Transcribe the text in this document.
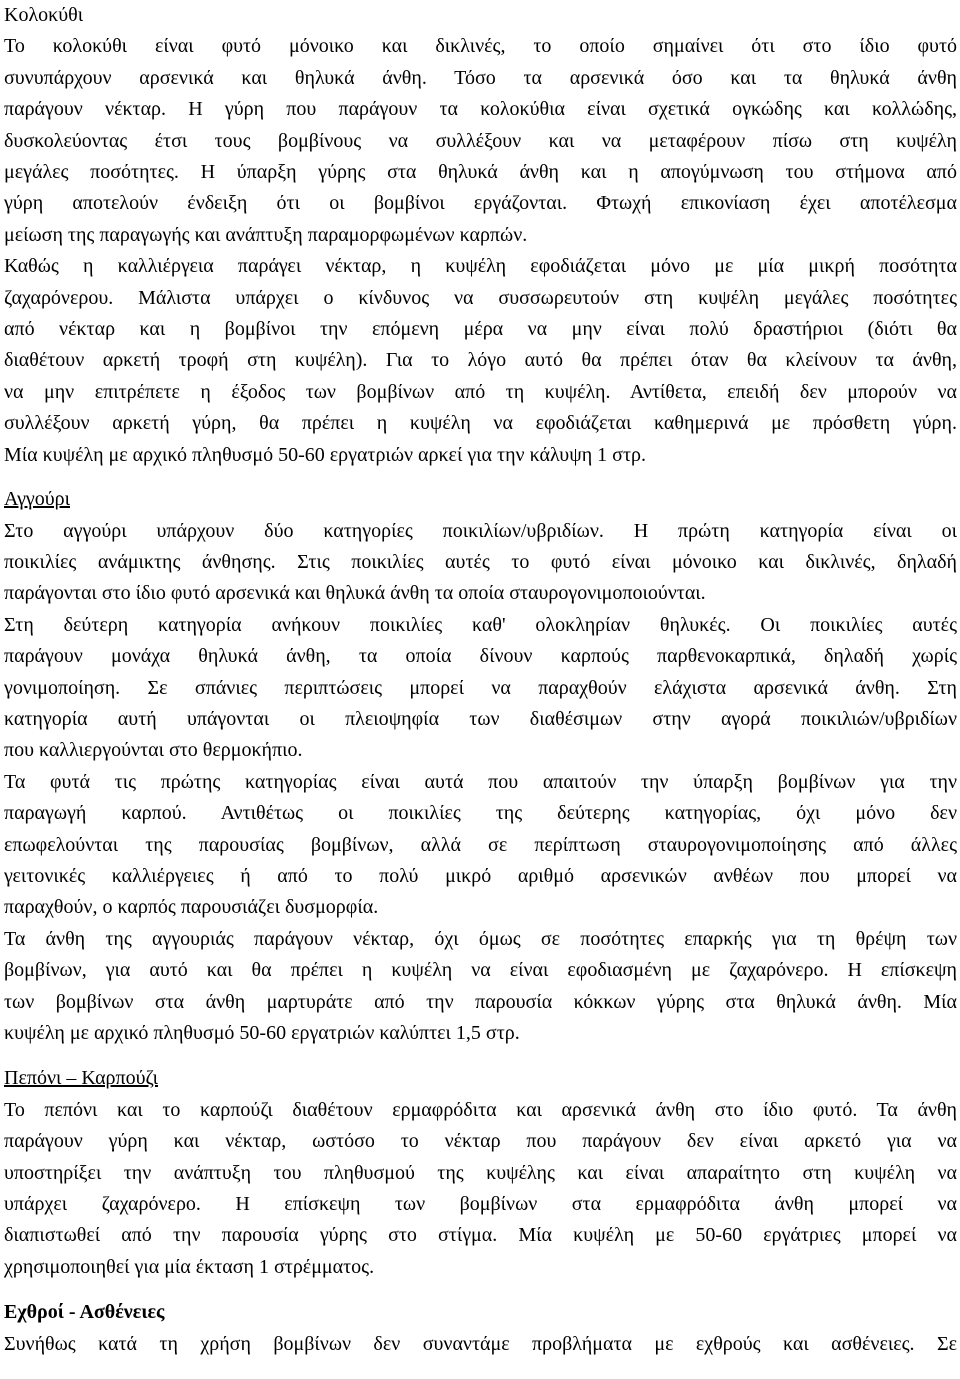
Κολοκύθι
Το κολοκύθι είναι φυτό μόνοικο και δικλινές, το οποίο σημαίνει ότι στο ίδιο φυτό
συνυπάρχουν αρσενικά και θηλυκά άνθη. Τόσο τα αρσενικά όσο και τα θηλυκά άνθη
παράγουν νέκταρ. Η γύρη που παράγουν τα κολοκύθια είναι σχετικά ογκώδης και κολλώδης,
δυσκολεύοντας έτσι τους βομβίνους να συλλέξουν και να μεταφέρουν πίσω στη κυψέλη
μεγάλες ποσότητες. Η ύπαρξη γύρης στα θηλυκά άνθη και η απογύμνωση του στήμονα από
γύρη αποτελούν ένδειξη ότι οι βομβίνοι εργάζονται. Φτωχή επικονίαση έχει αποτέλεσμα
μείωση της παραγωγής και ανάπτυξη παραμορφωμένων καρπών.
Καθώς η καλλιέργεια παράγει νέκταρ, η κυψέλη εφοδιάζεται μόνο με μία μικρή ποσότητα
ζαχαρόνερου. Μάλιστα υπάρχει ο κίνδυνος να συσσωρευτούν στη κυψέλη μεγάλες ποσότητες
από νέκταρ και η βομβίνοι την επόμενη μέρα να μην είναι πολύ δραστήριοι (διότι θα
διαθέτουν αρκετή τροφή στη κυψέλη). Για το λόγο αυτό θα πρέπει όταν θα κλείνουν τα άνθη,
να μην επιτρέπετε η έξοδος των βομβίνων από τη κυψέλη. Αντίθετα, επειδή δεν μπορούν να
συλλέξουν αρκετή γύρη, θα πρέπει η κυψέλη να εφοδιάζεται καθημερινά με πρόσθετη γύρη.
Μία κυψέλη με αρχικό πληθυσμό 50-60 εργατριών αρκεί για την κάλυψη 1 στρ.
Αγγούρι
Στο αγγούρι υπάρχουν δύο κατηγορίες ποικιλίων/υβριδίων. Η πρώτη κατηγορία είναι οι
ποικιλίες ανάμικτης άνθησης. Στις ποικιλίες αυτές το φυτό είναι μόνοικο και δικλινές, δηλαδή
παράγονται στο ίδιο φυτό αρσενικά και θηλυκά άνθη τα οποία σταυρογονιμοποιούνται.
Στη δεύτερη κατηγορία ανήκουν ποικιλίες καθ' ολοκληρίαν θηλυκές. Οι ποικιλίες αυτές
παράγουν μονάχα θηλυκά άνθη, τα οποία δίνουν καρπούς παρθενοκαρπικά, δηλαδή χωρίς
γονιμοποίηση. Σε σπάνιες περιπτώσεις μπορεί να παραχθούν ελάχιστα αρσενικά άνθη. Στη
κατηγορία αυτή υπάγονται οι πλειοψηφία των διαθέσιμων στην αγορά ποικιλιών/υβριδίων
που καλλιεργούνται στο θερμοκήπιο.
Τα φυτά τις πρώτης κατηγορίας είναι αυτά που απαιτούν την ύπαρξη βομβίνων για την
παραγωγή καρπού. Αντιθέτως οι ποικιλίες της δεύτερης κατηγορίας, όχι μόνο δεν
επωφελούνται της παρουσίας βομβίνων, αλλά σε περίπτωση σταυρογονιμοποίησης από άλλες
γειτονικές καλλιέργειες ή από το πολύ μικρό αριθμό αρσενικών ανθέων που μπορεί να
παραχθούν, ο καρπός παρουσιάζει δυσμορφία.
Τα άνθη της αγγουριάς παράγουν νέκταρ, όχι όμως σε ποσότητες επαρκής για τη θρέψη των
βομβίνων, για αυτό και θα πρέπει η κυψέλη να είναι εφοδιασμένη με ζαχαρόνερο. Η επίσκεψη
των βομβίνων στα άνθη μαρτυράτε από την παρουσία κόκκων γύρης στα θηλυκά άνθη. Μία
κυψέλη με αρχικό πληθυσμό 50-60 εργατριών καλύπτει 1,5 στρ.
Πεπόνι – Καρπούζι
Το πεπόνι και το καρπούζι διαθέτουν ερμαφρόδιτα και αρσενικά άνθη στο ίδιο φυτό. Τα άνθη
παράγουν γύρη και νέκταρ, ωστόσο το νέκταρ που παράγουν δεν είναι αρκετό για να
υποστηρίξει την ανάπτυξη του πληθυσμού της κυψέλης και είναι απαραίτητο στη κυψέλη να
υπάρχει ζαχαρόνερο. Η επίσκεψη των βομβίνων στα ερμαφρόδιτα άνθη μπορεί να
διαπιστωθεί από την παρουσία γύρης στο στίγμα. Μία κυψέλη με 50-60 εργάτριες μπορεί να
χρησιμοποιηθεί για μία έκταση 1 στρέμματος.
Εχθροί - Ασθένειες
Συνήθως κατά τη χρήση βομβίνων δεν συναντάμε προβλήματα με εχθρούς και ασθένειες. Σε
